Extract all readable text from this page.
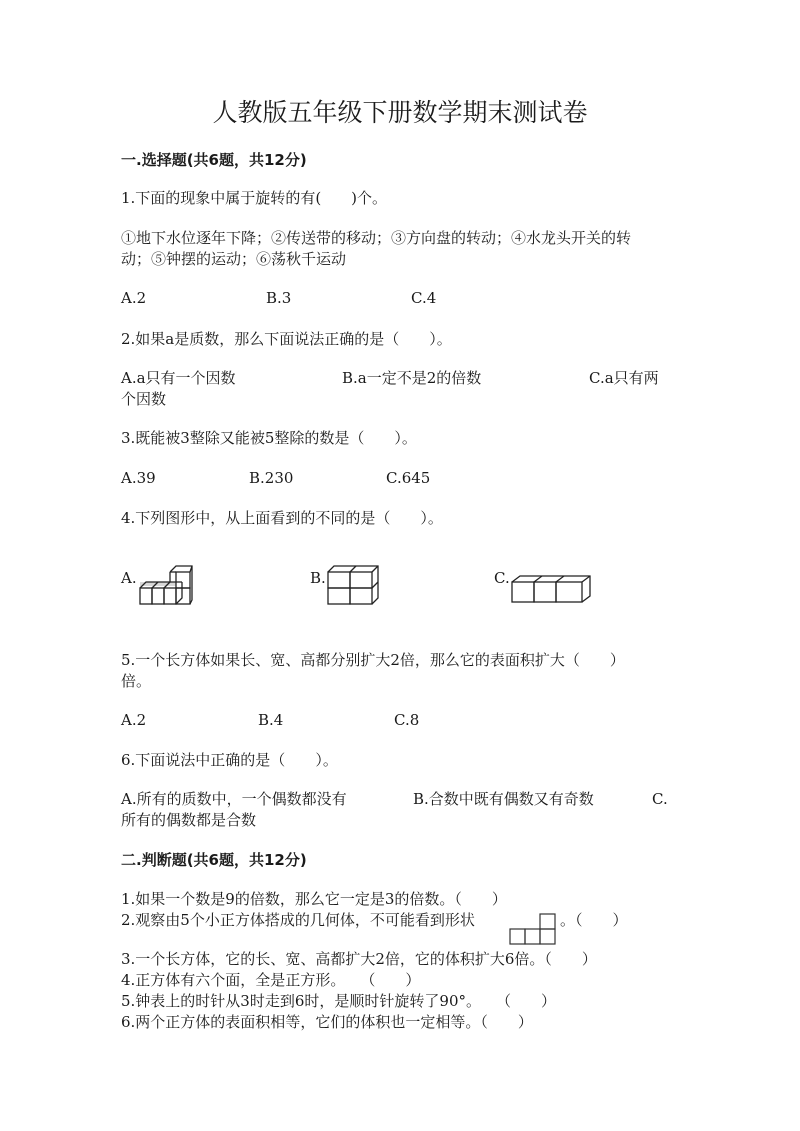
人教版五年级下册数学期末测试卷
一.选择题(共6题，共12分)
1.下面的现象中属于旋转的有(　　)个。
①地下水位逐年下降；②传送带的移动；③方向盘的转动；④水龙头开关的转
动；⑤钟摆的运动；⑥荡秋千运动
A.2	B.3	C.4
2.如果a是质数，那么下面说法正确的是（　　）。
A.a只有一个因数	B.a一定不是2的倍数	C.a只有两
个因数
3.既能被3整除又能被5整除的数是（　　）。
A.39	B.230	C.645
4.下列图形中，从上面看到的不同的是（　　）。
A.	B.	C.
5.一个长方体如果长、宽、高都分别扩大2倍，那么它的表面积扩大（　　）
倍。
A.2	B.4	C.8
6.下面说法中正确的是（　　）。
A.所有的质数中，一个偶数都没有	B.合数中既有偶数又有奇数	C.
所有的偶数都是合数
二.判断题(共6题，共12分)
1.如果一个数是9的倍数，那么它一定是3的倍数。（　　）
2.观察由5个小正方体搭成的几何体，不可能看到形状	。（　　）
3.一个长方体，它的长、宽、高都扩大2倍，它的体积扩大6倍。（　　）
4.正方体有六个面，全是正方形。　　（　　）
5.钟表上的时针从3时走到6时，是顺时针旋转了90°。　　（　　）
6.两个正方体的表面积相等，它们的体积也一定相等。（　　）
